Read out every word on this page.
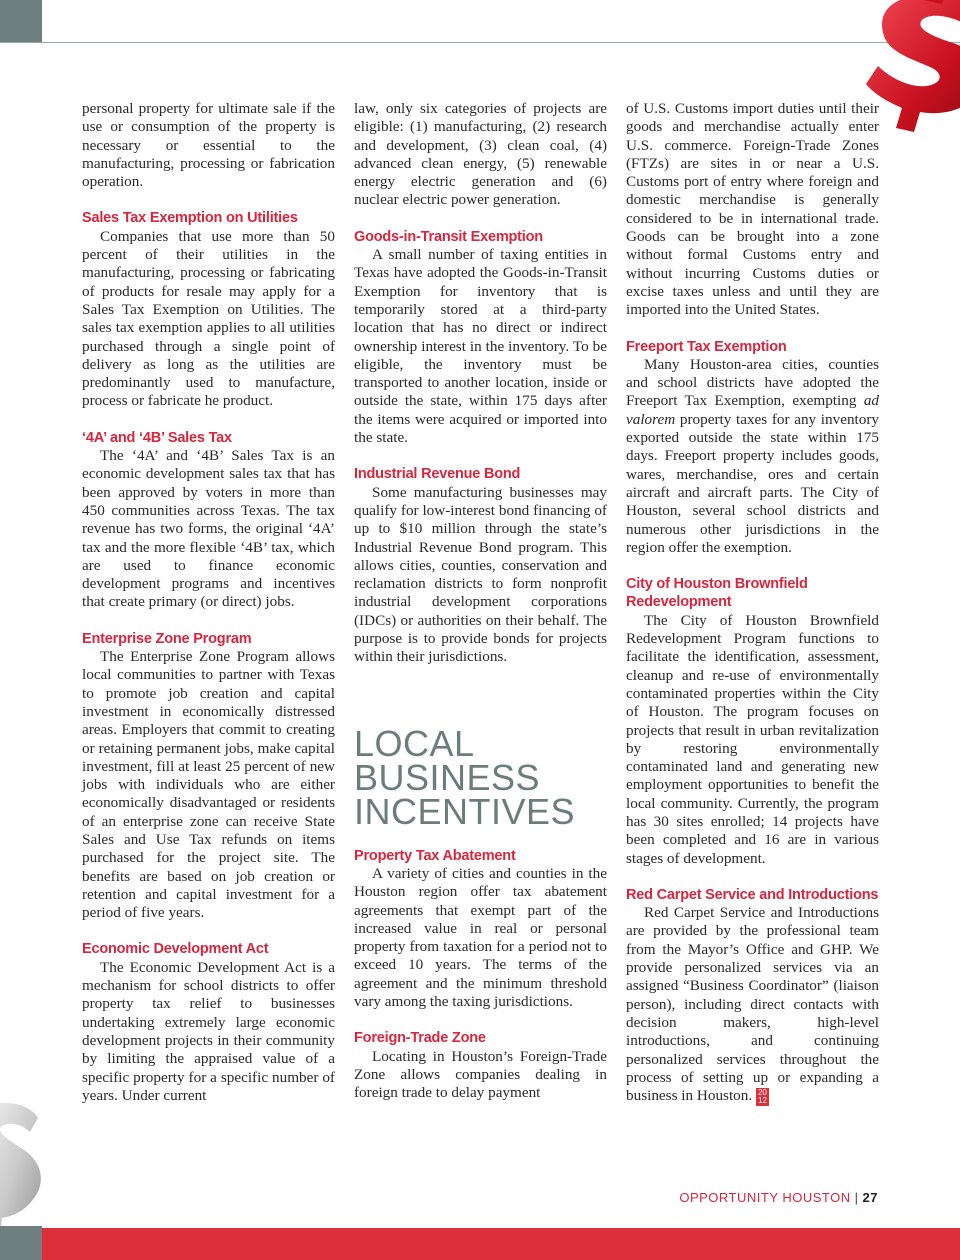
personal property for ultimate sale if the use or consumption of the property is necessary or essential to the manufacturing, processing or fabrication operation.

Sales Tax Exemption on Utilities

Companies that use more than 50 percent of their utilities in the manufacturing, processing or fabricating of products for resale may apply for a Sales Tax Exemption on Utilities. The sales tax exemption applies to all utilities purchased through a single point of delivery as long as the utilities are predominantly used to manufacture, process or fabricate he product.

‘4A’ and ‘4B’ Sales Tax

The ‘4A’ and ‘4B’ Sales Tax is an economic development sales tax that has been approved by voters in more than 450 communities across Texas. The tax revenue has two forms, the original ‘4A’ tax and the more flexible ‘4B’ tax, which are used to finance economic development programs and incentives that create primary (or direct) jobs.

Enterprise Zone Program

The Enterprise Zone Program allows local communities to partner with Texas to promote job creation and capital investment in economically distressed areas. Employers that commit to creating or retaining permanent jobs, make capital investment, fill at least 25 percent of new jobs with individuals who are either economically disadvantaged or residents of an enterprise zone can receive State Sales and Use Tax refunds on items purchased for the project site. The benefits are based on job creation or retention and capital investment for a period of five years.

Economic Development Act

The Economic Development Act is a mechanism for school districts to offer property tax relief to businesses undertaking extremely large economic development projects in their community by limiting the appraised value of a specific property for a specific number of years. Under current

law, only six categories of projects are eligible: (1) manufacturing, (2) research and development, (3) clean coal, (4) advanced clean energy, (5) renewable energy electric generation and (6) nuclear electric power generation.

Goods-in-Transit Exemption

A small number of taxing entities in Texas have adopted the Goods-in-Transit Exemption for inventory that is temporarily stored at a third-party location that has no direct or indirect ownership interest in the inventory. To be eligible, the inventory must be transported to another location, inside or outside the state, within 175 days after the items were acquired or imported into the state.

Industrial Revenue Bond

Some manufacturing businesses may qualify for low-interest bond financing of up to $10 million through the state’s Industrial Revenue Bond program. This allows cities, counties, conservation and reclamation districts to form nonprofit industrial development corporations (IDCs) or authorities on their behalf. The purpose is to provide bonds for projects within their jurisdictions.

LOCAL
BUSINESS
INCENTIVES
Property Tax Abatement

A variety of cities and counties in the Houston region offer tax abatement agreements that exempt part of the increased value in real or personal property from taxation for a period not to exceed 10 years. The terms of the agreement and the minimum threshold vary among the taxing jurisdictions.

Foreign-Trade Zone

Locating in Houston’s Foreign-Trade Zone allows companies dealing in foreign trade to delay payment

of U.S. Customs import duties until their goods and merchandise actually enter U.S. commerce. Foreign-Trade Zones (FTZs) are sites in or near a U.S. Customs port of entry where foreign and domestic merchandise is generally considered to be in international trade. Goods can be brought into a zone without formal Customs entry and without incurring Customs duties or excise taxes unless and until they are imported into the United States.

Freeport Tax Exemption

Many Houston-area cities, counties and school districts have adopted the Freeport Tax Exemption, exempting ad valorem property taxes for any inventory exported outside the state within 175 days. Freeport property includes goods, wares, merchandise, ores and certain aircraft and aircraft parts. The City of Houston, several school districts and numerous other jurisdictions in the region offer the exemption.

City of Houston Brownfield Redevelopment

The City of Houston Brownfield Redevelopment Program functions to facilitate the identification, assessment, cleanup and re-use of environmentally contaminated properties within the City of Houston. The program focuses on projects that result in urban revitalization by restoring environmentally contaminated land and generating new employment opportunities to benefit the local community. Currently, the program has 30 sites enrolled; 14 projects have been completed and 16 are in various stages of development.

Red Carpet Service and Introductions

Red Carpet Service and Introductions are provided by the professional team from the Mayor’s Office and GHP. We provide personalized services via an assigned “Business Coordinator” (liaison person), including direct contacts with decision makers, high-level introductions, and continuing personalized services throughout the process of setting up or expanding a business in Houston. 20
12

OPPORTUNITY HOUSTON | 27
